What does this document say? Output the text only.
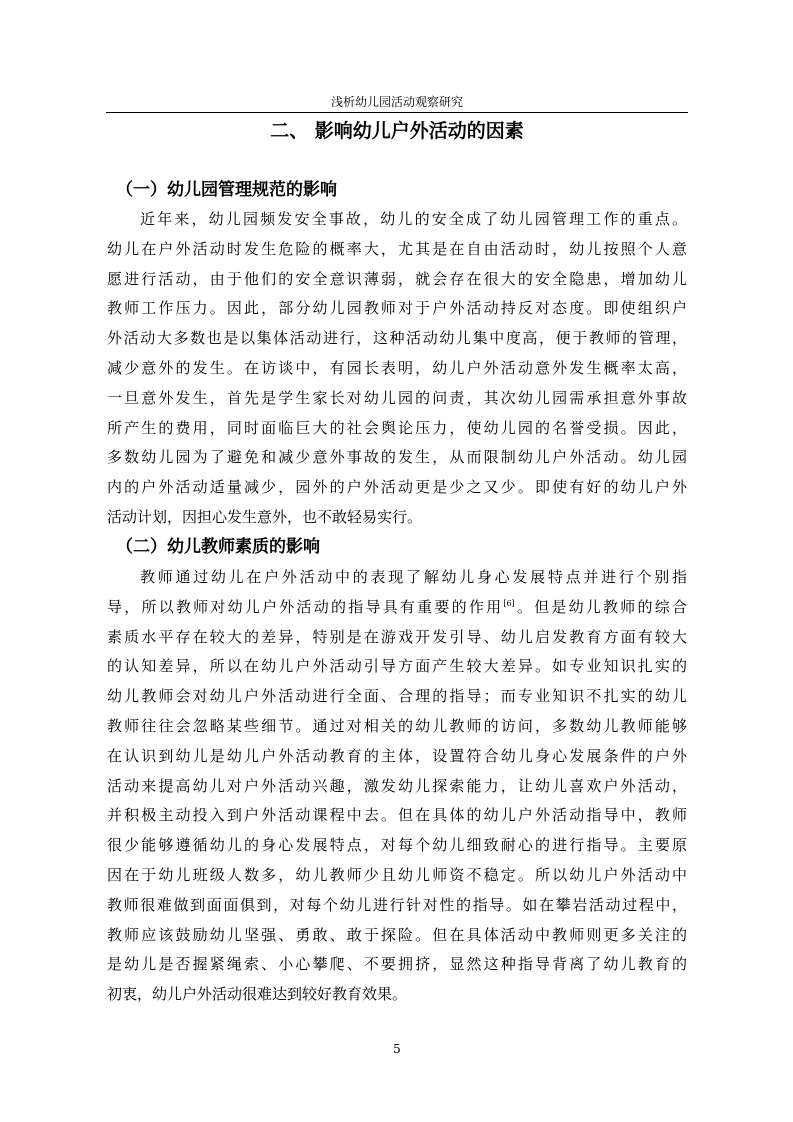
浅析幼儿园活动观察研究
二、 影响幼儿户外活动的因素
（一）幼儿园管理规范的影响

近年来，幼儿园频发安全事故，幼儿的安全成了幼儿园管理工作的重点。
幼儿在户外活动时发生危险的概率大，尤其是在自由活动时，幼儿按照个人意
愿进行活动，由于他们的安全意识薄弱，就会存在很大的安全隐患，增加幼儿
教师工作压力。因此，部分幼儿园教师对于户外活动持反对态度。即使组织户
外活动大多数也是以集体活动进行，这种活动幼儿集中度高，便于教师的管理，
减少意外的发生。在访谈中，有园长表明，幼儿户外活动意外发生概率太高，
一旦意外发生，首先是学生家长对幼儿园的问责，其次幼儿园需承担意外事故
所产生的费用，同时面临巨大的社会舆论压力，使幼儿园的名誉受损。因此，
多数幼儿园为了避免和减少意外事故的发生，从而限制幼儿户外活动。幼儿园
内的户外活动适量减少，园外的户外活动更是少之又少。即使有好的幼儿户外
活动计划，因担心发生意外，也不敢轻易实行。

（二）幼儿教师素质的影响

教师通过幼儿在户外活动中的表现了解幼儿身心发展特点并进行个别指
导，所以教师对幼儿户外活动的指导具有重要的作用[6]。但是幼儿教师的综合
素质水平存在较大的差异，特别是在游戏开发引导、幼儿启发教育方面有较大
的认知差异，所以在幼儿户外活动引导方面产生较大差异。如专业知识扎实的
幼儿教师会对幼儿户外活动进行全面、合理的指导；而专业知识不扎实的幼儿
教师往往会忽略某些细节。通过对相关的幼儿教师的访问，多数幼儿教师能够
在认识到幼儿是幼儿户外活动教育的主体，设置符合幼儿身心发展条件的户外
活动来提高幼儿对户外活动兴趣，激发幼儿探索能力，让幼儿喜欢户外活动，
并积极主动投入到户外活动课程中去。但在具体的幼儿户外活动指导中，教师
很少能够遵循幼儿的身心发展特点，对每个幼儿细致耐心的进行指导。主要原
因在于幼儿班级人数多，幼儿教师少且幼儿师资不稳定。所以幼儿户外活动中
教师很难做到面面俱到，对每个幼儿进行针对性的指导。如在攀岩活动过程中，
教师应该鼓励幼儿坚强、勇敢、敢于探险。但在具体活动中教师则更多关注的
是幼儿是否握紧绳索、小心攀爬、不要拥挤，显然这种指导背离了幼儿教育的
初衷，幼儿户外活动很难达到较好教育效果。

5
